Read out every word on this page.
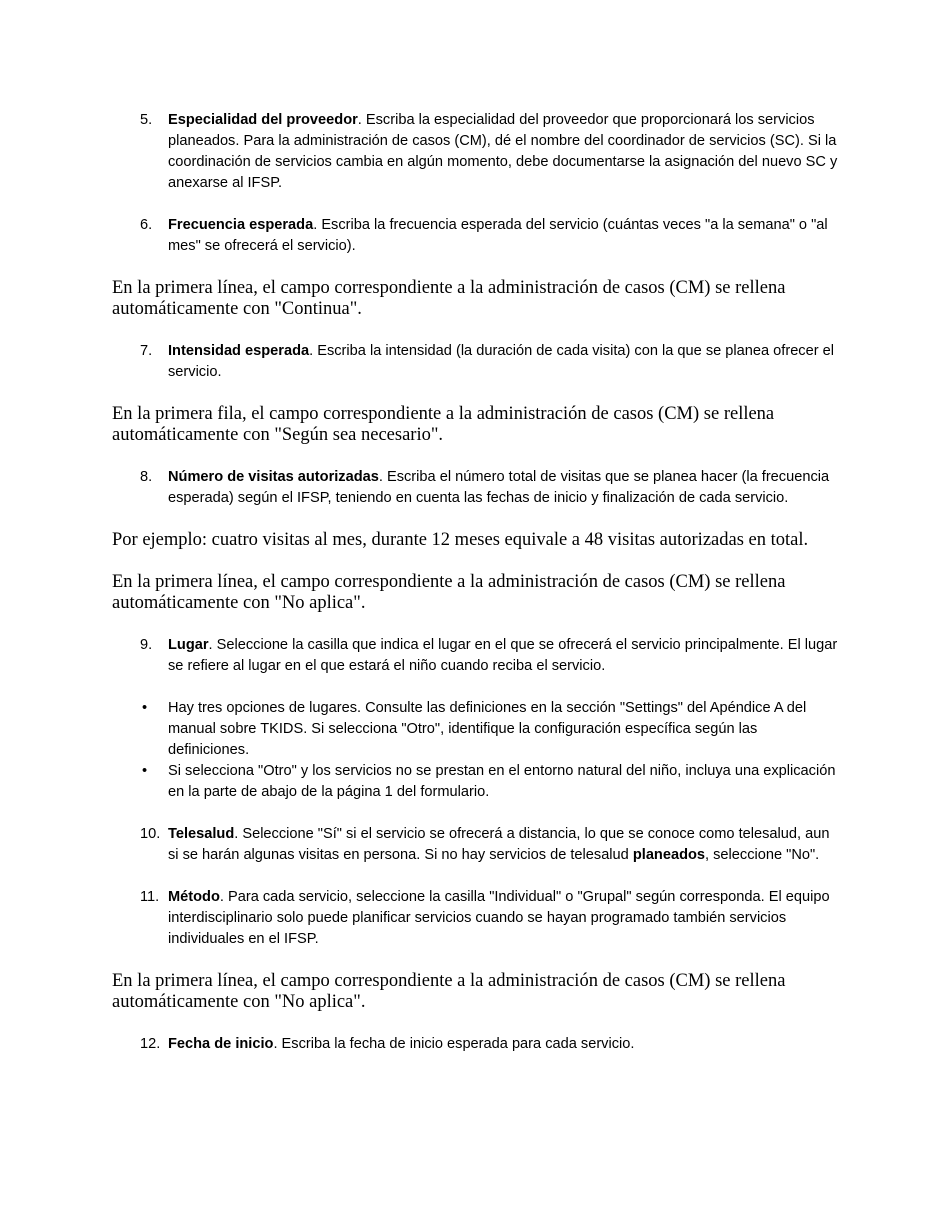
5. Especialidad del proveedor. Escriba la especialidad del proveedor que proporcionará los servicios planeados. Para la administración de casos (CM), dé el nombre del coordinador de servicios (SC). Si la coordinación de servicios cambia en algún momento, debe documentarse la asignación del nuevo SC y anexarse al IFSP.
6. Frecuencia esperada. Escriba la frecuencia esperada del servicio (cuántas veces "a la semana" o "al mes" se ofrecerá el servicio).

En la primera línea, el campo correspondiente a la administración de casos (CM) se rellena automáticamente con "Continua".

7. Intensidad esperada. Escriba la intensidad (la duración de cada visita) con la que se planea ofrecer el servicio.

En la primera fila, el campo correspondiente a la administración de casos (CM) se rellena automáticamente con "Según sea necesario".

8. Número de visitas autorizadas. Escriba el número total de visitas que se planea hacer (la frecuencia esperada) según el IFSP, teniendo en cuenta las fechas de inicio y finalización de cada servicio.

Por ejemplo: cuatro visitas al mes, durante 12 meses equivale a 48 visitas autorizadas en total.

En la primera línea, el campo correspondiente a la administración de casos (CM) se rellena automáticamente con "No aplica".

9. Lugar. Seleccione la casilla que indica el lugar en el que se ofrecerá el servicio principalmente. El lugar se refiere al lugar en el que estará el niño cuando reciba el servicio.
• Hay tres opciones de lugares. Consulte las definiciones en la sección "Settings" del Apéndice A del manual sobre TKIDS. Si selecciona "Otro", identifique la configuración específica según las definiciones.
• Si selecciona "Otro" y los servicios no se prestan en el entorno natural del niño, incluya una explicación en la parte de abajo de la página 1 del formulario.
10. Telesalud. Seleccione "Sí" si el servicio se ofrecerá a distancia, lo que se conoce como telesalud, aun si se harán algunas visitas en persona. Si no hay servicios de telesalud planeados, seleccione "No".
11. Método. Para cada servicio, seleccione la casilla "Individual" o "Grupal" según corresponda. El equipo interdisciplinario solo puede planificar servicios cuando se hayan programado también servicios individuales en el IFSP.

En la primera línea, el campo correspondiente a la administración de casos (CM) se rellena automáticamente con "No aplica".

12. Fecha de inicio. Escriba la fecha de inicio esperada para cada servicio.
